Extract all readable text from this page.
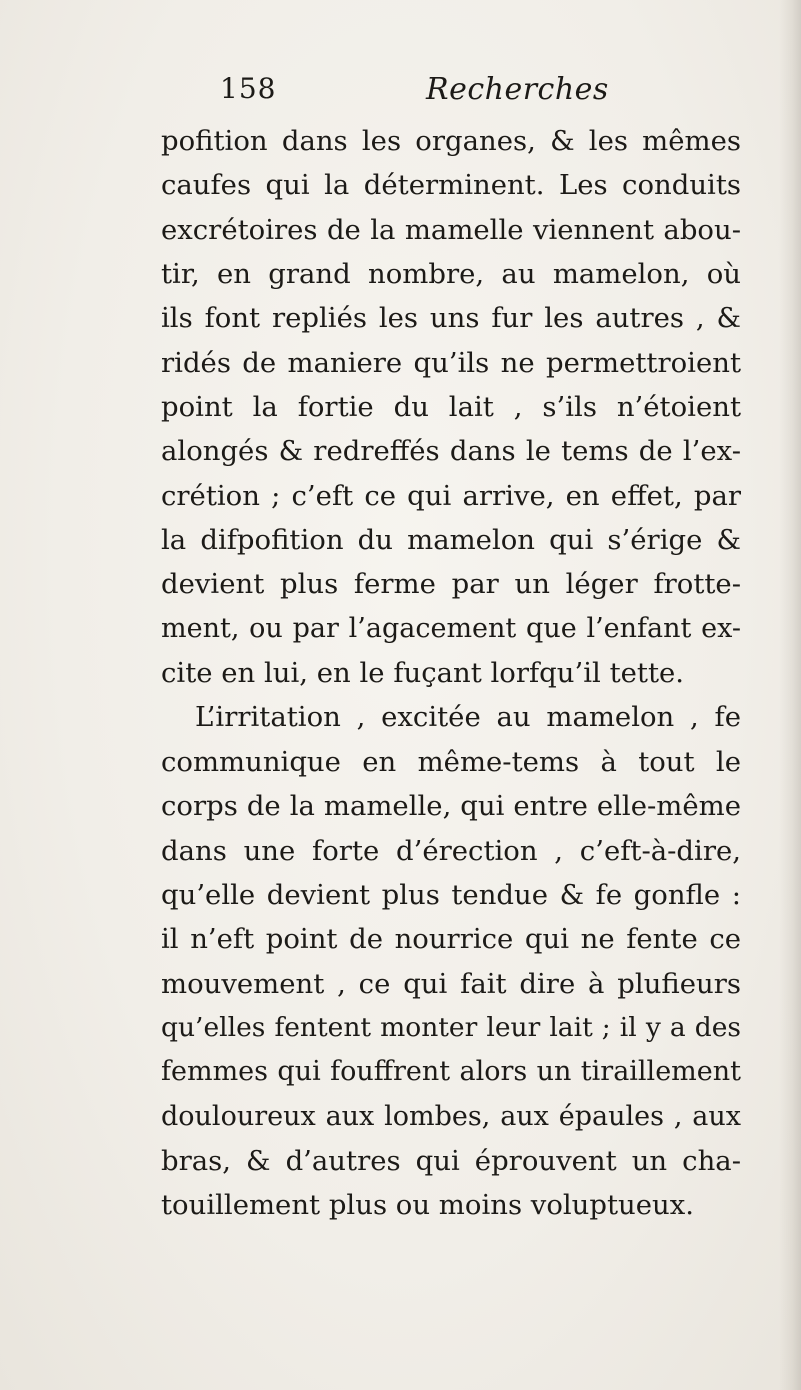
158	Recherches
pofition dans les organes, & les mêmes
caufes qui la déterminent. Les conduits
excrétoires de la mamelle viennent abou-
tir, en grand nombre, au mamelon, où
ils font repliés les uns fur les autres , &
ridés de maniere qu’ils ne permettroient
point la fortie du lait , s’ils n’étoient
alongés & redreffés dans le tems de l’ex-
crétion ; c’eft ce qui arrive, en effet, par
la difpofition du mamelon qui s’érige &
devient plus ferme par un léger frotte-
ment, ou par l’agacement que l’enfant ex-
cite en lui, en le fuçant lorfqu’il tette.
L’irritation , excitée au mamelon , fe
communique en même-tems à tout le
corps de la mamelle, qui entre elle-même
dans une forte d’érection , c’eft-à-dire,
qu’elle devient plus tendue & fe gonfle :
il n’eft point de nourrice qui ne fente ce
mouvement , ce qui fait dire à plufieurs
qu’elles fentent monter leur lait ; il y a des
femmes qui fouffrent alors un tiraillement
douloureux aux lombes, aux épaules , aux
bras, & d’autres qui éprouvent un cha-
touillement plus ou moins voluptueux.
